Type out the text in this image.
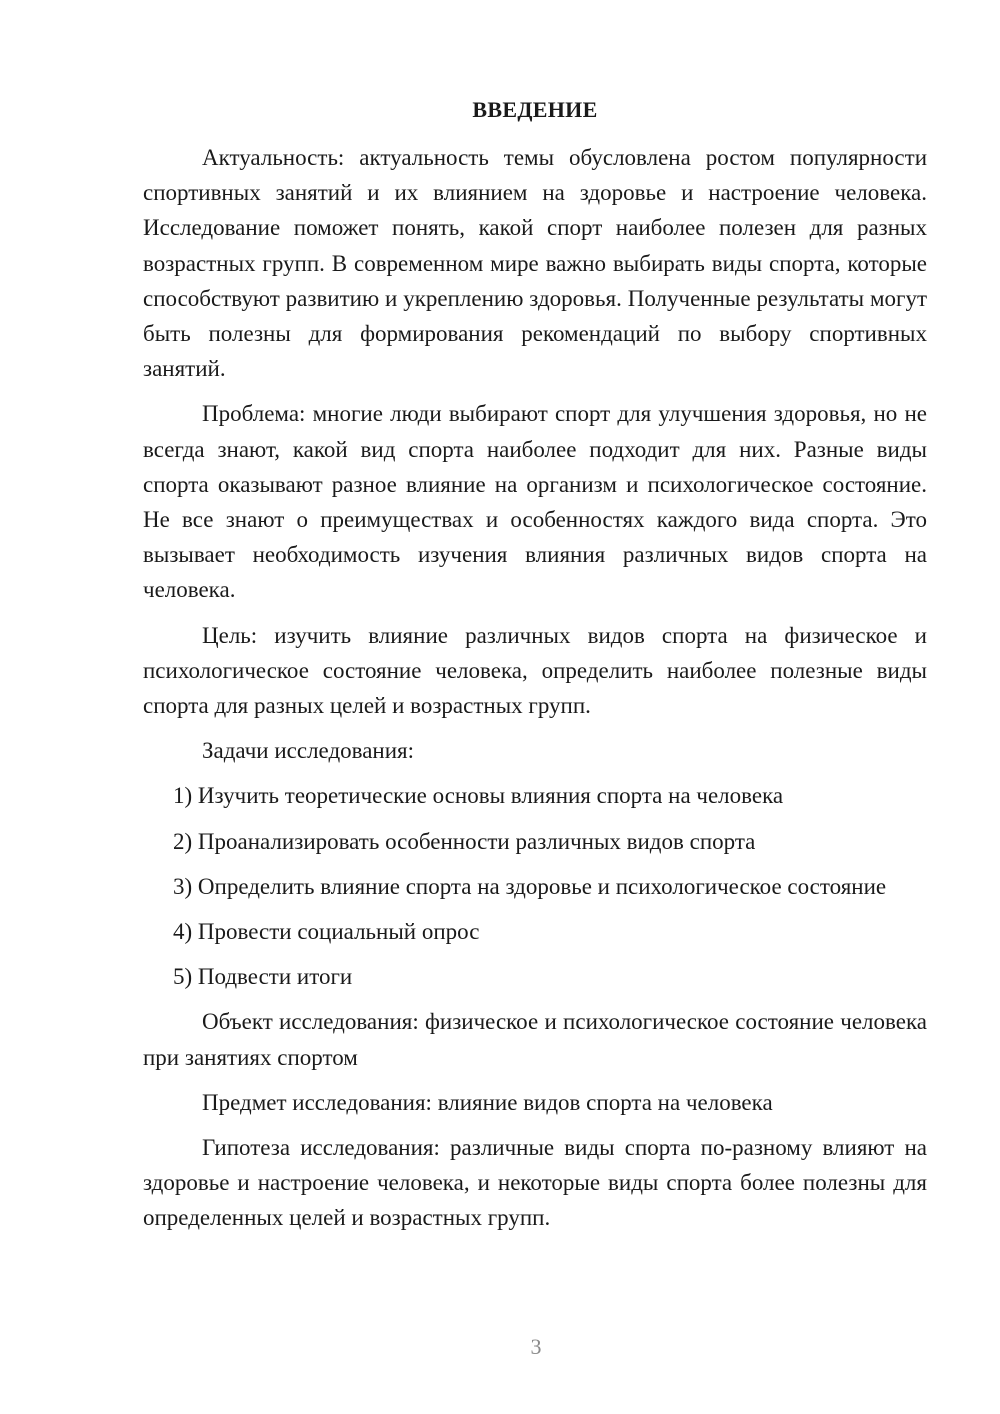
ВВЕДЕНИЕ

Актуальность: актуальность темы обусловлена ростом популярности спортивных занятий и их влиянием на здоровье и настроение человека. Исследование поможет понять, какой спорт наиболее полезен для разных возрастных групп. В современном мире важно выбирать виды спорта, которые способствуют развитию и укреплению здоровья. Полученные результаты могут быть полезны для формирования рекомендаций по выбору спортивных занятий.

Проблема: многие люди выбирают спорт для улучшения здоровья, но не всегда знают, какой вид спорта наиболее подходит для них. Разные виды спорта оказывают разное влияние на организм и психологическое состояние. Не все знают о преимуществах и особенностях каждого вида спорта. Это вызывает необходимость изучения влияния различных видов спорта на человека.

Цель: изучить влияние различных видов спорта на физическое и психологическое состояние человека, определить наиболее полезные виды спорта для разных целей и возрастных групп.

Задачи исследования:

1) Изучить теоретические основы влияния спорта на человека

2) Проанализировать особенности различных видов спорта

3) Определить влияние спорта на здоровье и психологическое состояние

4) Провести социальный опрос

5) Подвести итоги

Объект исследования: физическое и психологическое состояние человека при занятиях спортом

Предмет исследования: влияние видов спорта на человека

Гипотеза исследования: различные виды спорта по-разному влияют на здоровье и настроение человека, и некоторые виды спорта более полезны для определенных целей и возрастных групп.

3
